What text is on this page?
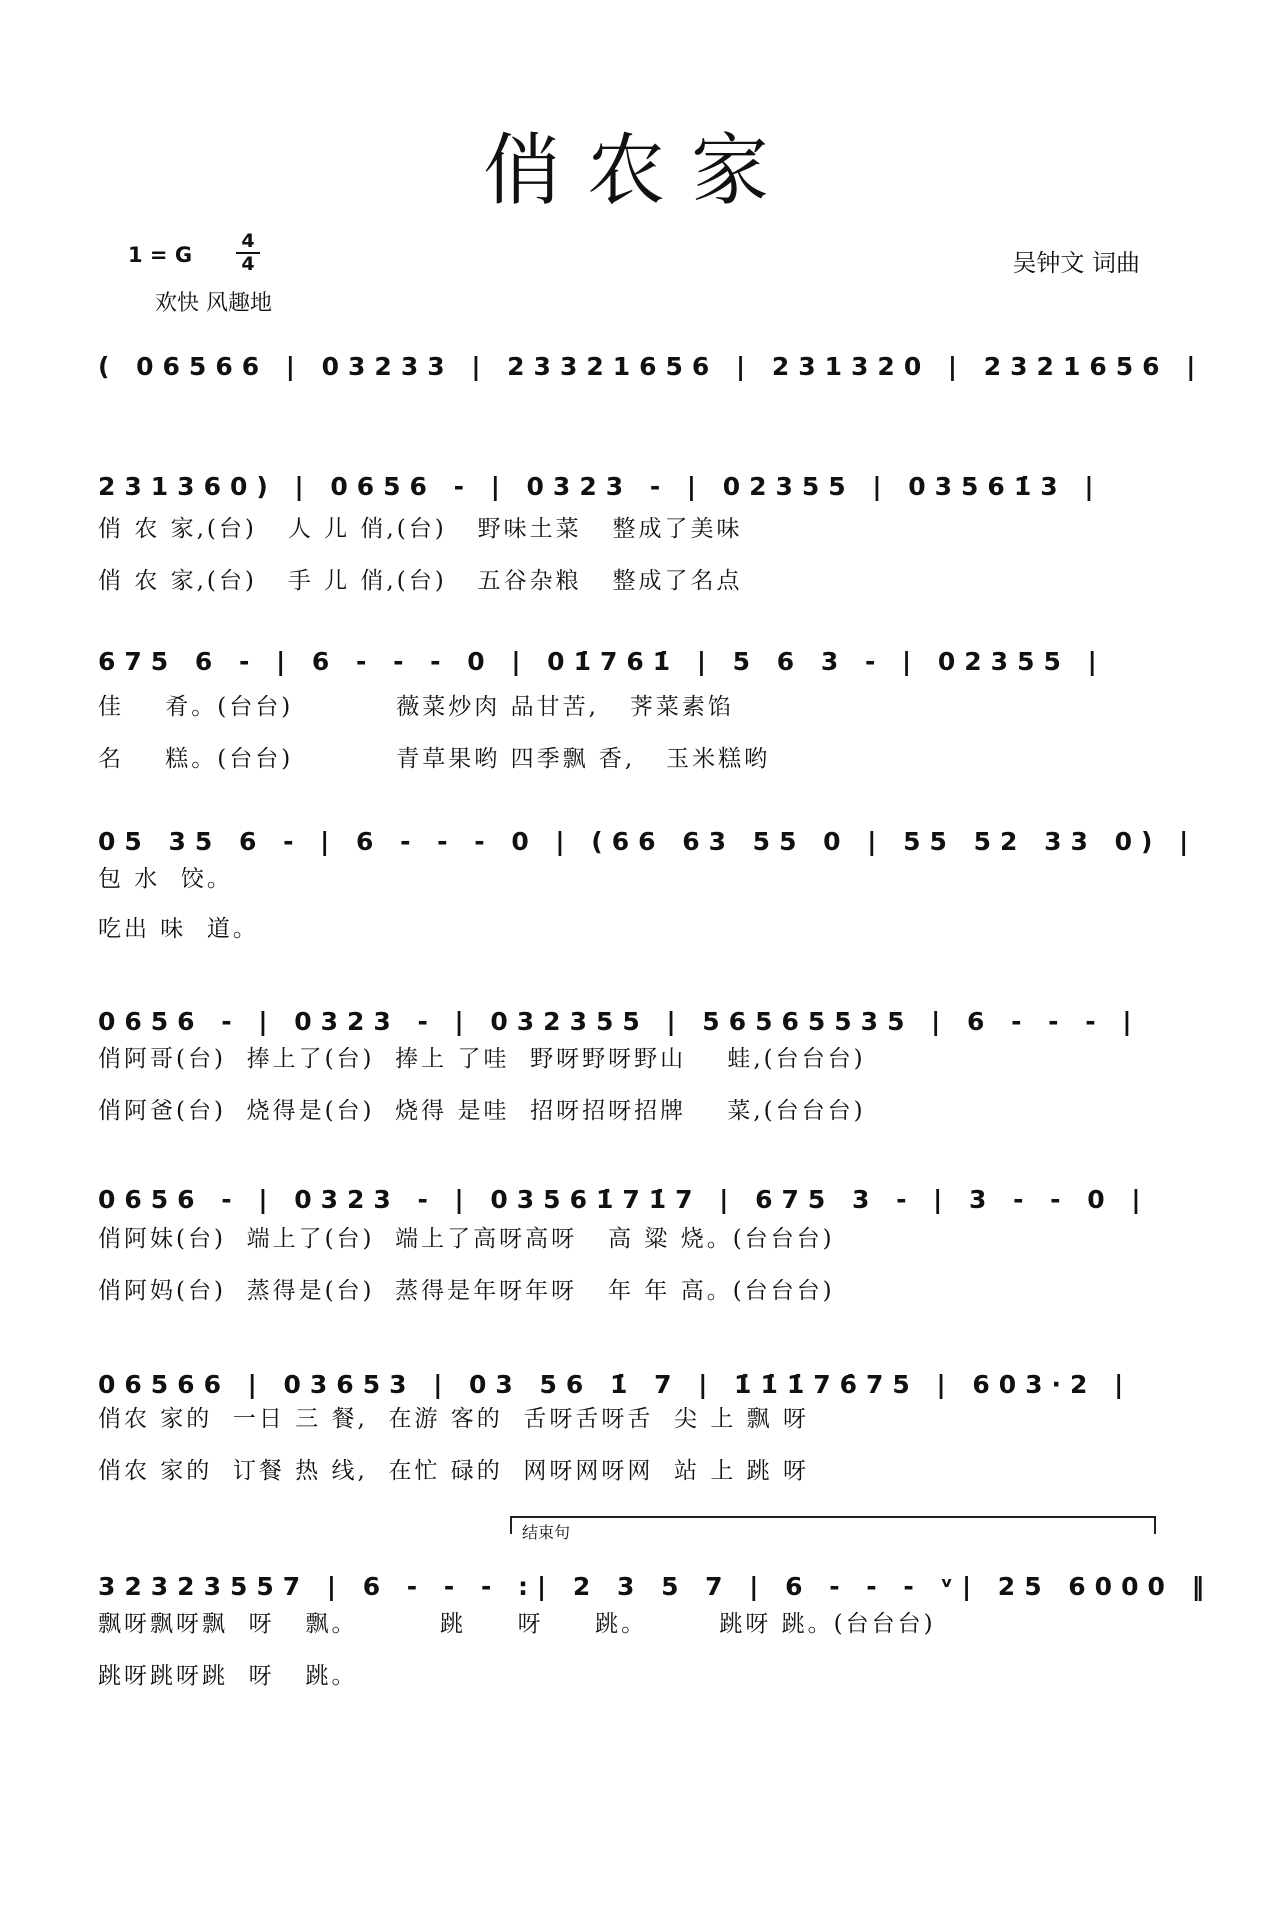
俏农家
1 = G
4
4
欢快 风趣地
吴钟文 词曲
( 06566 | 03233 | 23321656 | 231320 | 2321656 |
231360) | 0656 - | 0323 - | 02355 | 03561̇3 |
俏 农 家,(台)   人 儿 俏,(台)   野味土菜   整成了美味
俏 农 家,(台)   手 儿 俏,(台)   五谷杂粮   整成了名点
675 6 - | 6 - - - 0 | 01̇761̇ | 5 6 3 - | 02355 |
佳    肴。(台台)          薇菜炒肉 品甘苦,   荠菜素馅
名    糕。(台台)          青草果哟 四季飘 香,   玉米糕哟
05 35 6 - | 6 - - - 0 | (66 63 55 0 | 55 52 33 0) |
包 水  饺。
吃出 味  道。
0656 - | 0323 - | 032355 | 56565535 | 6 - - - |
俏阿哥(台)  捧上了(台)  捧上 了哇  野呀野呀野山    蛙,(台台台)
俏阿爸(台)  烧得是(台)  烧得 是哇  招呀招呀招牌    菜,(台台台)
0656 - | 0323 - | 03561̇71̇7 | 675 3 - | 3 - - 0 |
俏阿妹(台)  端上了(台)  端上了高呀高呀   高 粱 烧。(台台台)
俏阿妈(台)  蒸得是(台)  蒸得是年呀年呀   年 年 高。(台台台)
06566 | 03653 | 03 56 1̇ 7 | 1̇1̇1̇76̇75 | 603·2 |
俏农 家的  一日 三 餐,  在游 客的  舌呀舌呀舌  尖 上 飘 呀
俏农 家的  订餐 热 线,  在忙 碌的  网呀网呀网  站 上 跳 呀
32323557 | 6 - - - :| 2 3 5 7 | 6 - - - ᵛ| 25 6000 ‖
飘呀飘呀飘  呀   飘。        跳     呀     跳。       跳呀 跳。(台台台)
跳呀跳呀跳  呀   跳。
结束句
